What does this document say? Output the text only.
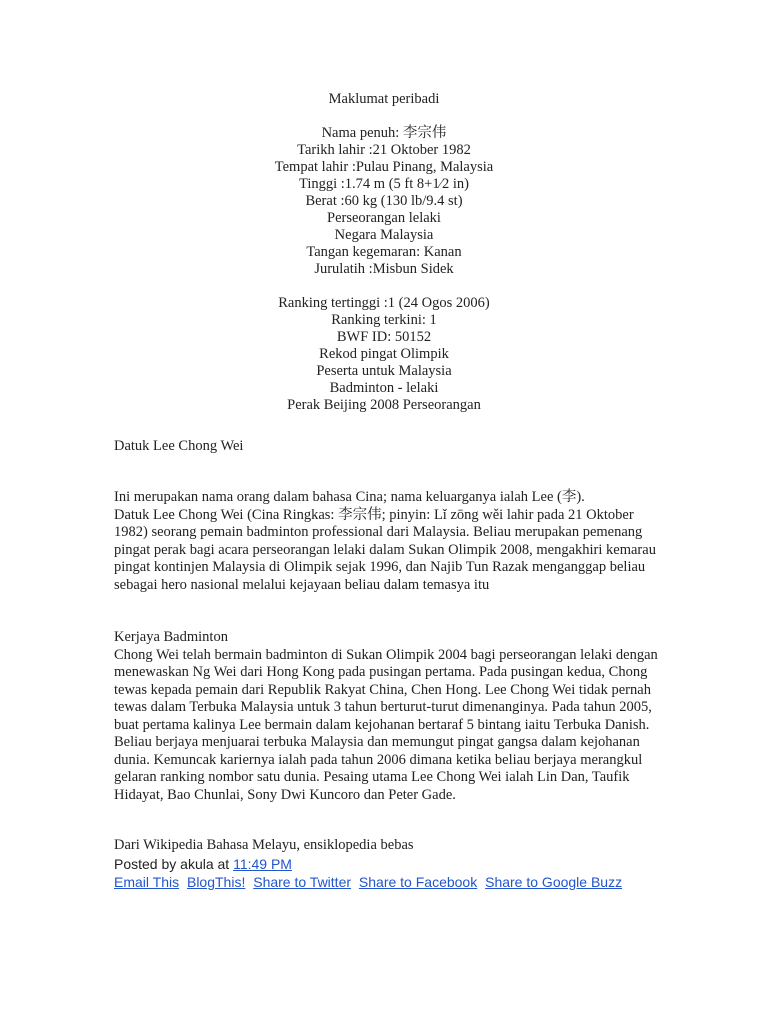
Maklumat peribadi
Nama penuh: 李宗伟
Tarikh lahir :21 Oktober 1982
Tempat lahir :Pulau Pinang, Malaysia
Tinggi :1.74 m (5 ft 8+1⁄2 in)
Berat :60 kg (130 lb/9.4 st)
Perseorangan lelaki
Negara Malaysia
Tangan kegemaran: Kanan
Jurulatih :Misbun Sidek
Ranking tertinggi :1 (24 Ogos 2006)
Ranking terkini: 1
BWF ID: 50152
Rekod pingat Olimpik
Peserta untuk Malaysia
Badminton - lelaki
Perak Beijing 2008 Perseorangan

Datuk Lee Chong Wei

Ini merupakan nama orang dalam bahasa Cina; nama keluarganya ialah Lee (李).

Datuk Lee Chong Wei (Cina Ringkas: 李宗伟; pinyin: Lǐ zōng wěi lahir pada 21 Oktober 1982) seorang pemain badminton professional dari Malaysia. Beliau merupakan pemenang pingat perak bagi acara perseorangan lelaki dalam Sukan Olimpik 2008, mengakhiri kemarau pingat kontinjen Malaysia di Olimpik sejak 1996, dan Najib Tun Razak menganggap beliau sebagai hero nasional melalui kejayaan beliau dalam temasya itu

Kerjaya Badminton

Chong Wei telah bermain badminton di Sukan Olimpik 2004 bagi perseorangan lelaki dengan menewaskan Ng Wei dari Hong Kong pada pusingan pertama. Pada pusingan kedua, Chong tewas kepada pemain dari Republik Rakyat China, Chen Hong. Lee Chong Wei tidak pernah tewas dalam Terbuka Malaysia untuk 3 tahun berturut-turut dimenanginya. Pada tahun 2005, buat pertama kalinya Lee bermain dalam kejohanan bertaraf 5 bintang iaitu Terbuka Danish. Beliau berjaya menjuarai terbuka Malaysia dan memungut pingat gangsa dalam kejohanan dunia. Kemuncak kariernya ialah pada tahun 2006 dimana ketika beliau berjaya merangkul gelaran ranking nombor satu dunia. Pesaing utama Lee Chong Wei ialah Lin Dan, Taufik Hidayat, Bao Chunlai, Sony Dwi Kuncoro dan Peter Gade.

Dari Wikipedia Bahasa Melayu, ensiklopedia bebas

Posted by akula at 11:49 PM

Email This BlogThis! Share to Twitter Share to Facebook Share to Google Buzz
